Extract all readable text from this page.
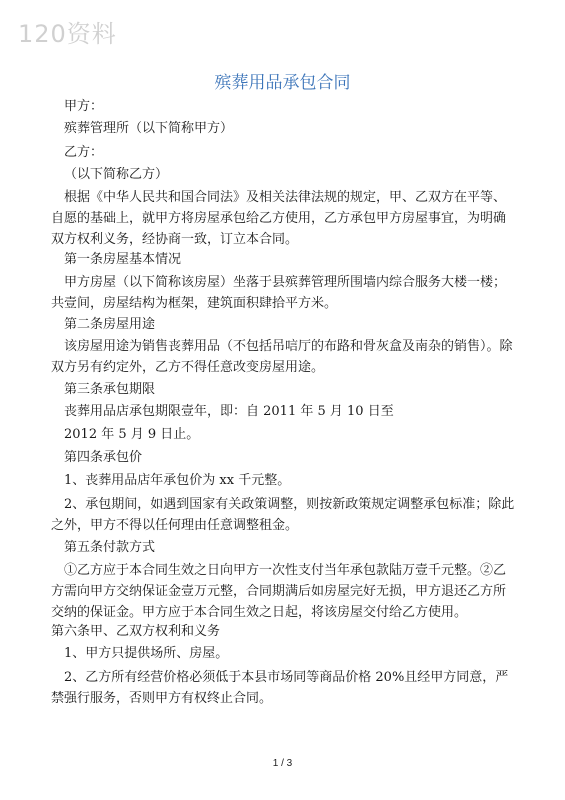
120资料
殡葬用品承包合同
甲方：
殡葬管理所（以下简称甲方）
乙方：
（以下简称乙方）
根据《中华人民共和国合同法》及相关法律法规的规定，甲、乙双方在平等、自愿的基础上，就甲方将房屋承包给乙方使用，乙方承包甲方房屋事宜，为明确双方权利义务，经协商一致，订立本合同。
第一条房屋基本情况
甲方房屋（以下简称该房屋）坐落于县殡葬管理所围墙内综合服务大楼一楼；共壹间，房屋结构为框架，建筑面积肆拾平方米。
第二条房屋用途
该房屋用途为销售丧葬用品（不包括吊唁厅的布路和骨灰盒及南杂的销售）。除双方另有约定外，乙方不得任意改变房屋用途。
第三条承包期限
丧葬用品店承包期限壹年，即：自 2011 年 5 月 10 日至
2012 年 5 月 9 日止。
第四条承包价
1、丧葬用品店年承包价为 xx 千元整。
2、承包期间，如遇到国家有关政策调整，则按新政策规定调整承包标准；除此之外，甲方不得以任何理由任意调整租金。
第五条付款方式
①乙方应于本合同生效之日向甲方一次性支付当年承包款陆万壹千元整。②乙方需向甲方交纳保证金壹万元整，合同期满后如房屋完好无损，甲方退还乙方所交纳的保证金。甲方应于本合同生效之日起，将该房屋交付给乙方使用。
第六条甲、乙双方权利和义务
1、甲方只提供场所、房屋。
2、乙方所有经营价格必须低于本县市场同等商品价格 20%且经甲方同意，严禁强行服务，否则甲方有权终止合同。
1 / 3
